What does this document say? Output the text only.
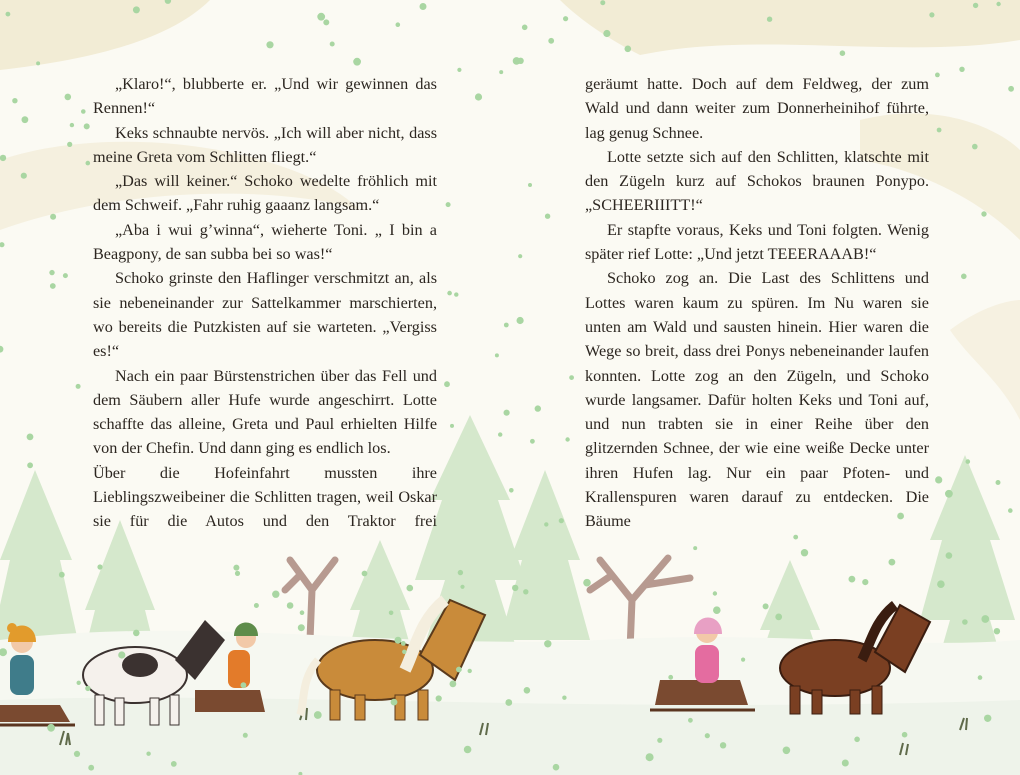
„Klaro!“, blubberte er. „Und wir gewinnen das Rennen!“

Keks schnaubte nervös. „Ich will aber nicht, dass meine Greta vom Schlitten fliegt.“

„Das will keiner.“ Schoko wedelte fröhlich mit dem Schweif. „Fahr ruhig gaaanz langsam.“

„Aba i wui g’winna“, wieherte Toni. „ I bin a Beagpony, de san subba bei so was!“

Schoko grinste den Haflinger verschmitzt an, als sie nebeneinander zur Sattelkammer marschierten, wo bereits die Putzkisten auf sie warteten. „Vergiss es!“

Nach ein paar Bürstenstrichen über das Fell und dem Säubern aller Hufe wurde angeschirrt. Lotte schaffte das alleine, Greta und Paul erhielten Hilfe von der Chefin. Und dann ging es endlich los.

Über die Hofeinfahrt mussten ihre Lieblingszweibeiner die Schlitten tragen, weil Oskar sie für die Autos und den Traktor frei

geräumt hatte. Doch auf dem Feldweg, der zum Wald und dann weiter zum Donnerheinihof führte, lag genug Schnee.

Lotte setzte sich auf den Schlitten, klatschte mit den Zügeln kurz auf Schokos braunen Ponypo. „SCHEERIIITT!“

Er stapfte voraus, Keks und Toni folgten. Wenig später rief Lotte: „Und jetzt TEEERAAAB!“

Schoko zog an. Die Last des Schlittens und Lottes waren kaum zu spüren. Im Nu waren sie unten am Wald und sausten hinein. Hier waren die Wege so breit, dass drei Ponys nebeneinander laufen konnten. Lotte zog an den Zügeln, und Schoko wurde langsamer. Dafür holten Keks und Toni auf, und nun trabten sie in einer Reihe über den glitzernden Schnee, der wie eine weiße Decke unter ihren Hufen lag. Nur ein paar Pfoten- und Krallenspuren waren darauf zu entdecken. Die Bäume
